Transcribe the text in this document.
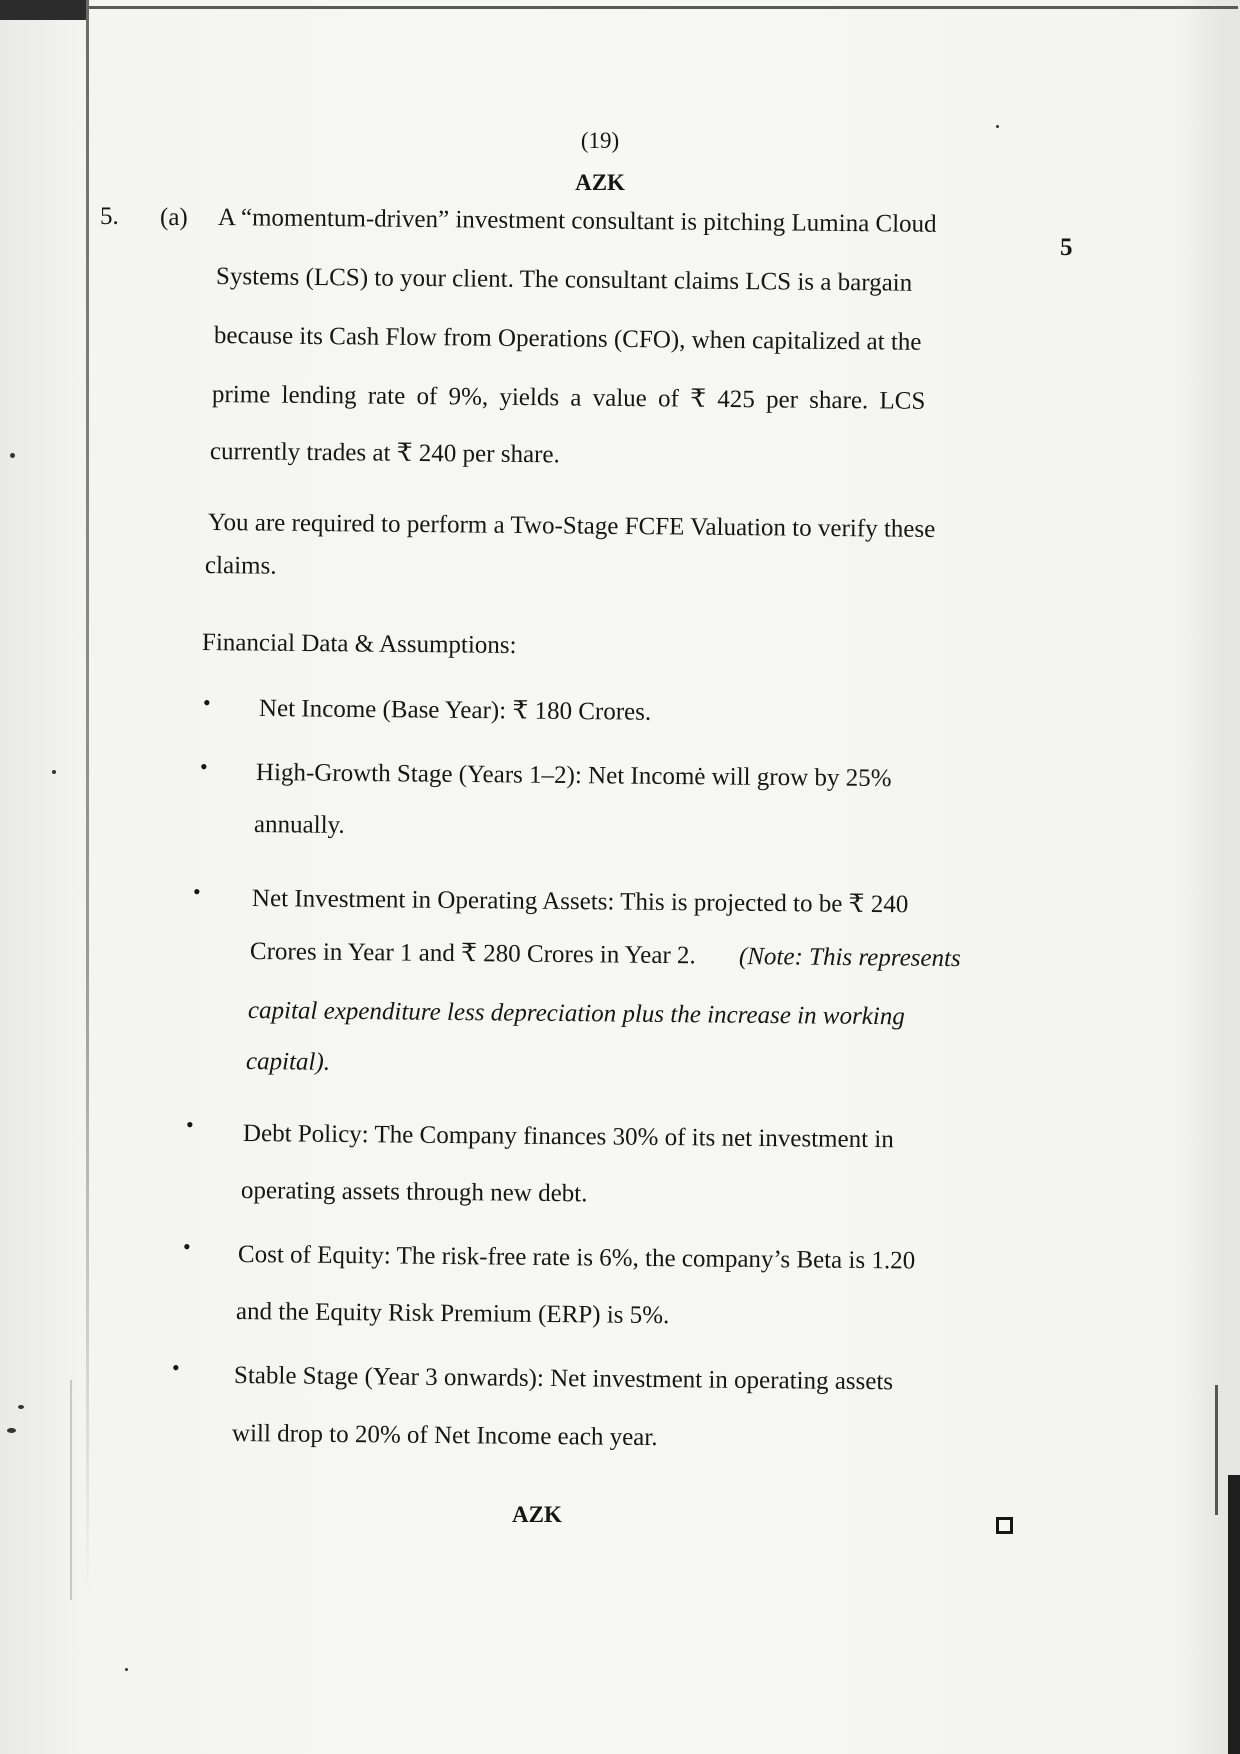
(19)
AZK
5. (a)
5
A “momentum-driven” investment consultant is pitching Lumina Cloud
Systems (LCS) to your client. The consultant claims LCS is a bargain
because its Cash Flow from Operations (CFO), when capitalized at the
prime lending rate of 9%, yields a value of ₹ 425 per share. LCS
currently trades at ₹ 240 per share.
You are required to perform a Two-Stage FCFE Valuation to verify these
claims.
Financial Data & Assumptions:
• Net Income (Base Year): ₹ 180 Crores.
• High-Growth Stage (Years 1–2): Net Incomė will grow by 25%
annually.
• Net Investment in Operating Assets: This is projected to be ₹ 240
Crores in Year 1 and ₹ 280 Crores in Year 2. (Note: This represents
capital expenditure less depreciation plus the increase in working
capital).
• Debt Policy: The Company finances 30% of its net investment in
operating assets through new debt.
• Cost of Equity: The risk-free rate is 6%, the company’s Beta is 1.20
and the Equity Risk Premium (ERP) is 5%.
• Stable Stage (Year 3 onwards): Net investment in operating assets
will drop to 20% of Net Income each year.
AZK
